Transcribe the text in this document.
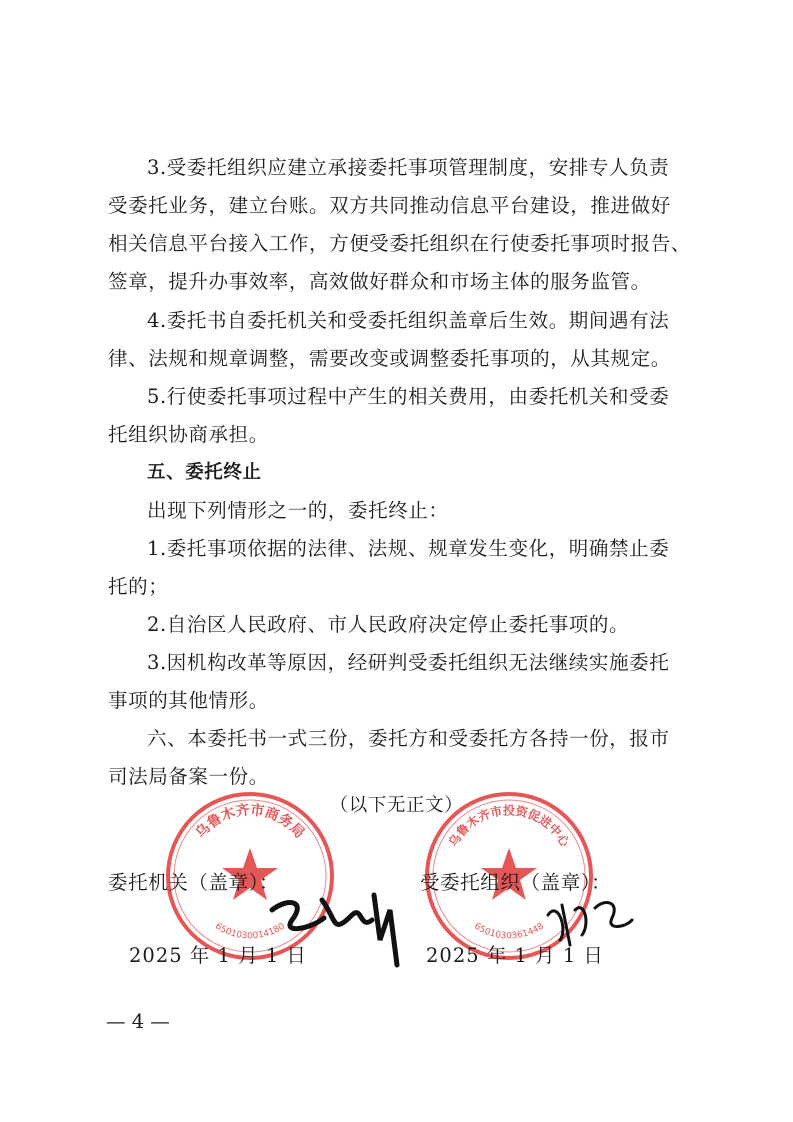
3.受委托组织应建立承接委托事项管理制度，安排专人负责
受委托业务，建立台账。双方共同推动信息平台建设，推进做好
相关信息平台接入工作，方便受委托组织在行使委托事项时报告、
签章，提升办事效率，高效做好群众和市场主体的服务监管。
4.委托书自委托机关和受委托组织盖章后生效。期间遇有法
律、法规和规章调整，需要改变或调整委托事项的，从其规定。
5.行使委托事项过程中产生的相关费用，由委托机关和受委
托组织协商承担。
五、委托终止
出现下列情形之一的，委托终止：
1.委托事项依据的法律、法规、规章发生变化，明确禁止委
托的；
2.自治区人民政府、市人民政府决定停止委托事项的。
3.因机构改革等原因，经研判受委托组织无法继续实施委托
事项的其他情形。
六、本委托书一式三份，委托方和受委托方各持一份，报市
司法局备案一份。
（以下无正文）
乌鲁木齐市商务局
6501030014180
乌鲁木齐市投资促进中心
6501030361448
委托机关（盖章）：	受委托组织（盖章）：
2025 年 1 月 1 日	2025 年 1 月 1 日
— 4 —
